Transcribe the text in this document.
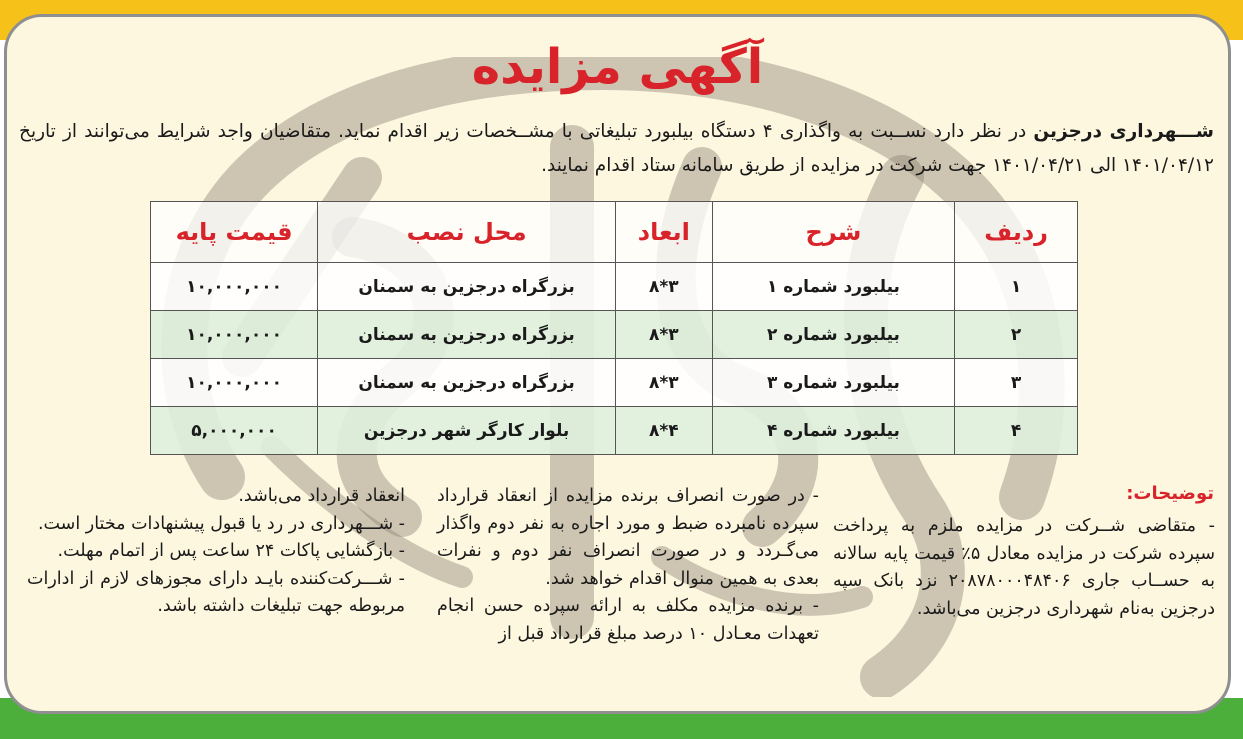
آگهی مزایده
شـــهرداری درجزین در نظر دارد نســبت به واگذاری ۴ دستگاه بیلبورد تبلیغاتی با مشــخصات زیر اقدام نماید. متقاضیان واجد شرایط می‌توانند از تاریخ ۱۴۰۱/۰۴/۱۲ الی ۱۴۰۱/۰۴/۲۱ جهت شرکت در مزایده از طریق سامانه ستاد اقدام نمایند.
ردیف	شرح	ابعاد	محل نصب	قیمت پایه
۱	بیلبورد شماره ۱	۳*۸	بزرگراه درجزین به سمنان	۱۰,۰۰۰,۰۰۰
۲	بیلبورد شماره ۲	۳*۸	بزرگراه درجزین به سمنان	۱۰,۰۰۰,۰۰۰
۳	بیلبورد شماره ۳	۳*۸	بزرگراه درجزین به سمنان	۱۰,۰۰۰,۰۰۰
۴	بیلبورد شماره ۴	۴*۸	بلوار کارگر شهر درجزین	۵,۰۰۰,۰۰۰
توضیحات:

- متقاضی شــرکت در مزایده ملزم به پرداخت سپرده شرکت در مزایده معادل ۵٪ قیمت پایه سالانه به حســاب جاری ۲۰۸۷۸۰۰۰۴۸۴۰۶ نزد بانک سپه درجزین به‌نام شهرداری درجزین می‌باشد.

- در صورت انصراف برنده مزایده از انعقاد قرارداد سپرده نامبرده ضبط و مورد اجاره به نفر دوم واگذار می‌گـردد و در صورت انصراف نفر دوم و نفرات بعدی به همین منوال اقدام خواهد شد.

- برنده مزایده مکلف به ارائه سپرده حسن انجام تعهدات معـادل ۱۰ درصد مبلغ قرارداد قبل از

انعقاد قرارداد می‌باشد.

- شـــهرداری در رد یا قبول پیشنهادات مختار است.

- بازگشایی پاکات ۲۴ ساعت پس از اتمام مهلت.

- شـــرکت‌کننده بایـد دارای مجوزهای لازم از ادارات مربوطه جهت تبلیغات داشته باشد.
